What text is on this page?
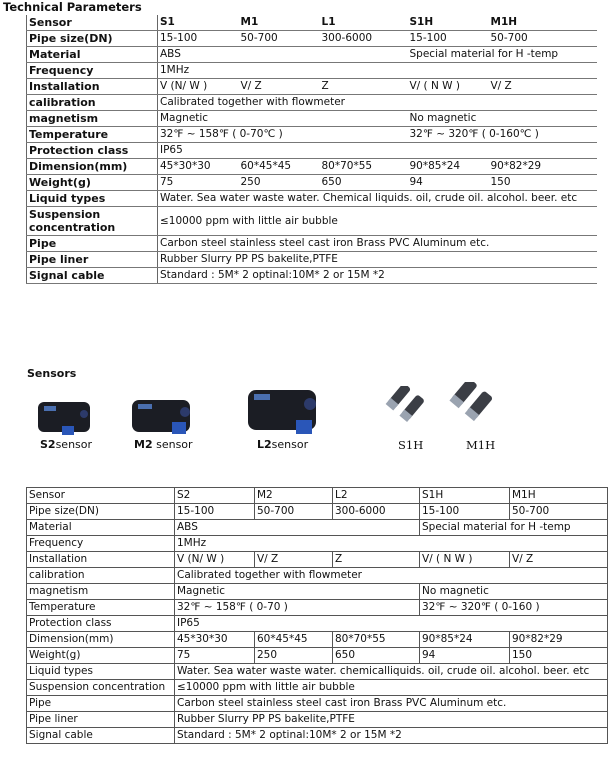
Technical Parameters
Sensor	S1	M1	L1	S1H	M1H
Pipe size(DN)	15-100	50-700	300-6000	15-100	50-700
Material	ABS			Special material for H -temp	
Frequency	1MHz				
Installation	V (N/ W )	V/ Z	Z	V/ ( N W )	V/ Z
calibration	Calibrated together with flowmeter				
magnetism	Magnetic			No magnetic	
Temperature	32℉ ~ 158℉ ( 0-70℃ )			32℉ ~ 320℉ ( 0-160℃ )	
Protection class	IP65				
Dimension(mm)	45*30*30	60*45*45	80*70*55	90*85*24	90*82*29
Weight(g)	75	250	650	94	150
Liquid types	Water. Sea water waste water. Chemical liquids. oil, crude oil. alcohol. beer. etc				
Suspension concentration	≤10000 ppm with little air bubble				
Pipe	Carbon steel stainless steel cast iron Brass PVC Aluminum etc.				
Pipe liner	Rubber Slurry PP PS bakelite,PTFE				
Signal cable	Standard : 5M* 2 optinal:10M* 2 or 15M *2				
Sensors
S2sensor	M2 sensor	L2sensor	S1H	M1H
Sensor	S2	M2	L2	S1H	M1H
Pipe size(DN)	15-100	50-700	300-6000	15-100	50-700
Material	ABS			Special material for H -temp	
Frequency	1MHz				
Installation	V (N/ W )	V/ Z	Z	V/ ( N W )	V/ Z
calibration	Calibrated together with flowmeter				
magnetism	Magnetic			No magnetic	
Temperature	32℉ ~ 158℉ ( 0-70 )			32℉ ~ 320℉ ( 0-160 )	
Protection class	IP65				
Dimension(mm)	45*30*30	60*45*45	80*70*55	90*85*24	90*82*29
Weight(g)	75	250	650	94	150
Liquid types	Water. Sea water waste water. chemicalliquids. oil, crude oil. alcohol. beer. etc				
Suspension concentration	≤10000 ppm with little air bubble				
Pipe	Carbon steel stainless steel cast iron Brass PVC Aluminum etc.				
Pipe liner	Rubber Slurry PP PS bakelite,PTFE				
Signal cable	Standard : 5M* 2 optinal:10M* 2 or 15M *2				
